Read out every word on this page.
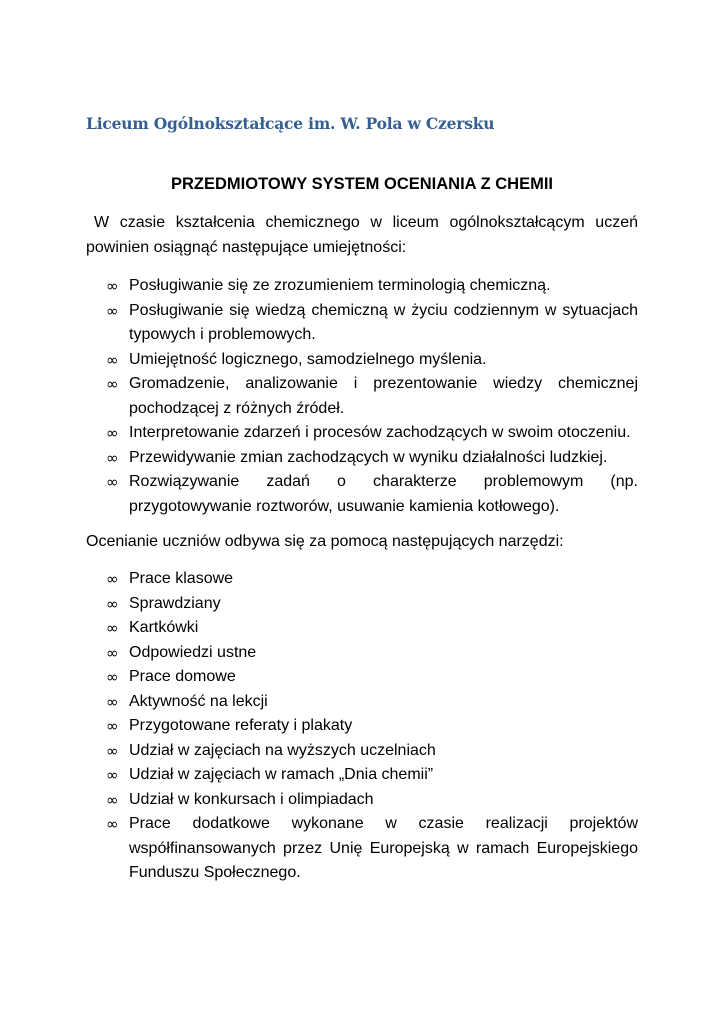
Liceum Ogólnokształcące im. W. Pola w Czersku
PRZEDMIOTOWY SYSTEM OCENIANIA Z CHEMII
W czasie kształcenia chemicznego w liceum ogólnokształcącym uczeń powinien osiągnąć następujące umiejętności:
∞ Posługiwanie się ze zrozumieniem terminologią chemiczną.
∞ Posługiwanie się wiedzą chemiczną w życiu codziennym w sytuacjach typowych i problemowych.
∞ Umiejętność logicznego, samodzielnego myślenia.
∞ Gromadzenie, analizowanie i prezentowanie wiedzy chemicznej pochodzącej z różnych źródeł.
∞ Interpretowanie zdarzeń i procesów zachodzących w swoim otoczeniu.
∞ Przewidywanie zmian zachodzących w wyniku działalności ludzkiej.
∞ Rozwiązywanie zadań o charakterze problemowym (np. przygotowywanie roztworów, usuwanie kamienia kotłowego).
Ocenianie uczniów odbywa się za pomocą następujących narzędzi:
∞ Prace klasowe
∞ Sprawdziany
∞ Kartkówki
∞ Odpowiedzi ustne
∞ Prace domowe
∞ Aktywność na lekcji
∞ Przygotowane referaty i plakaty
∞ Udział w zajęciach na wyższych uczelniach
∞ Udział w zajęciach w ramach „Dnia chemii”
∞ Udział w konkursach i olimpiadach
∞ Prace dodatkowe wykonane w czasie realizacji projektów współfinansowanych przez Unię Europejską w ramach Europejskiego Funduszu Społecznego.
